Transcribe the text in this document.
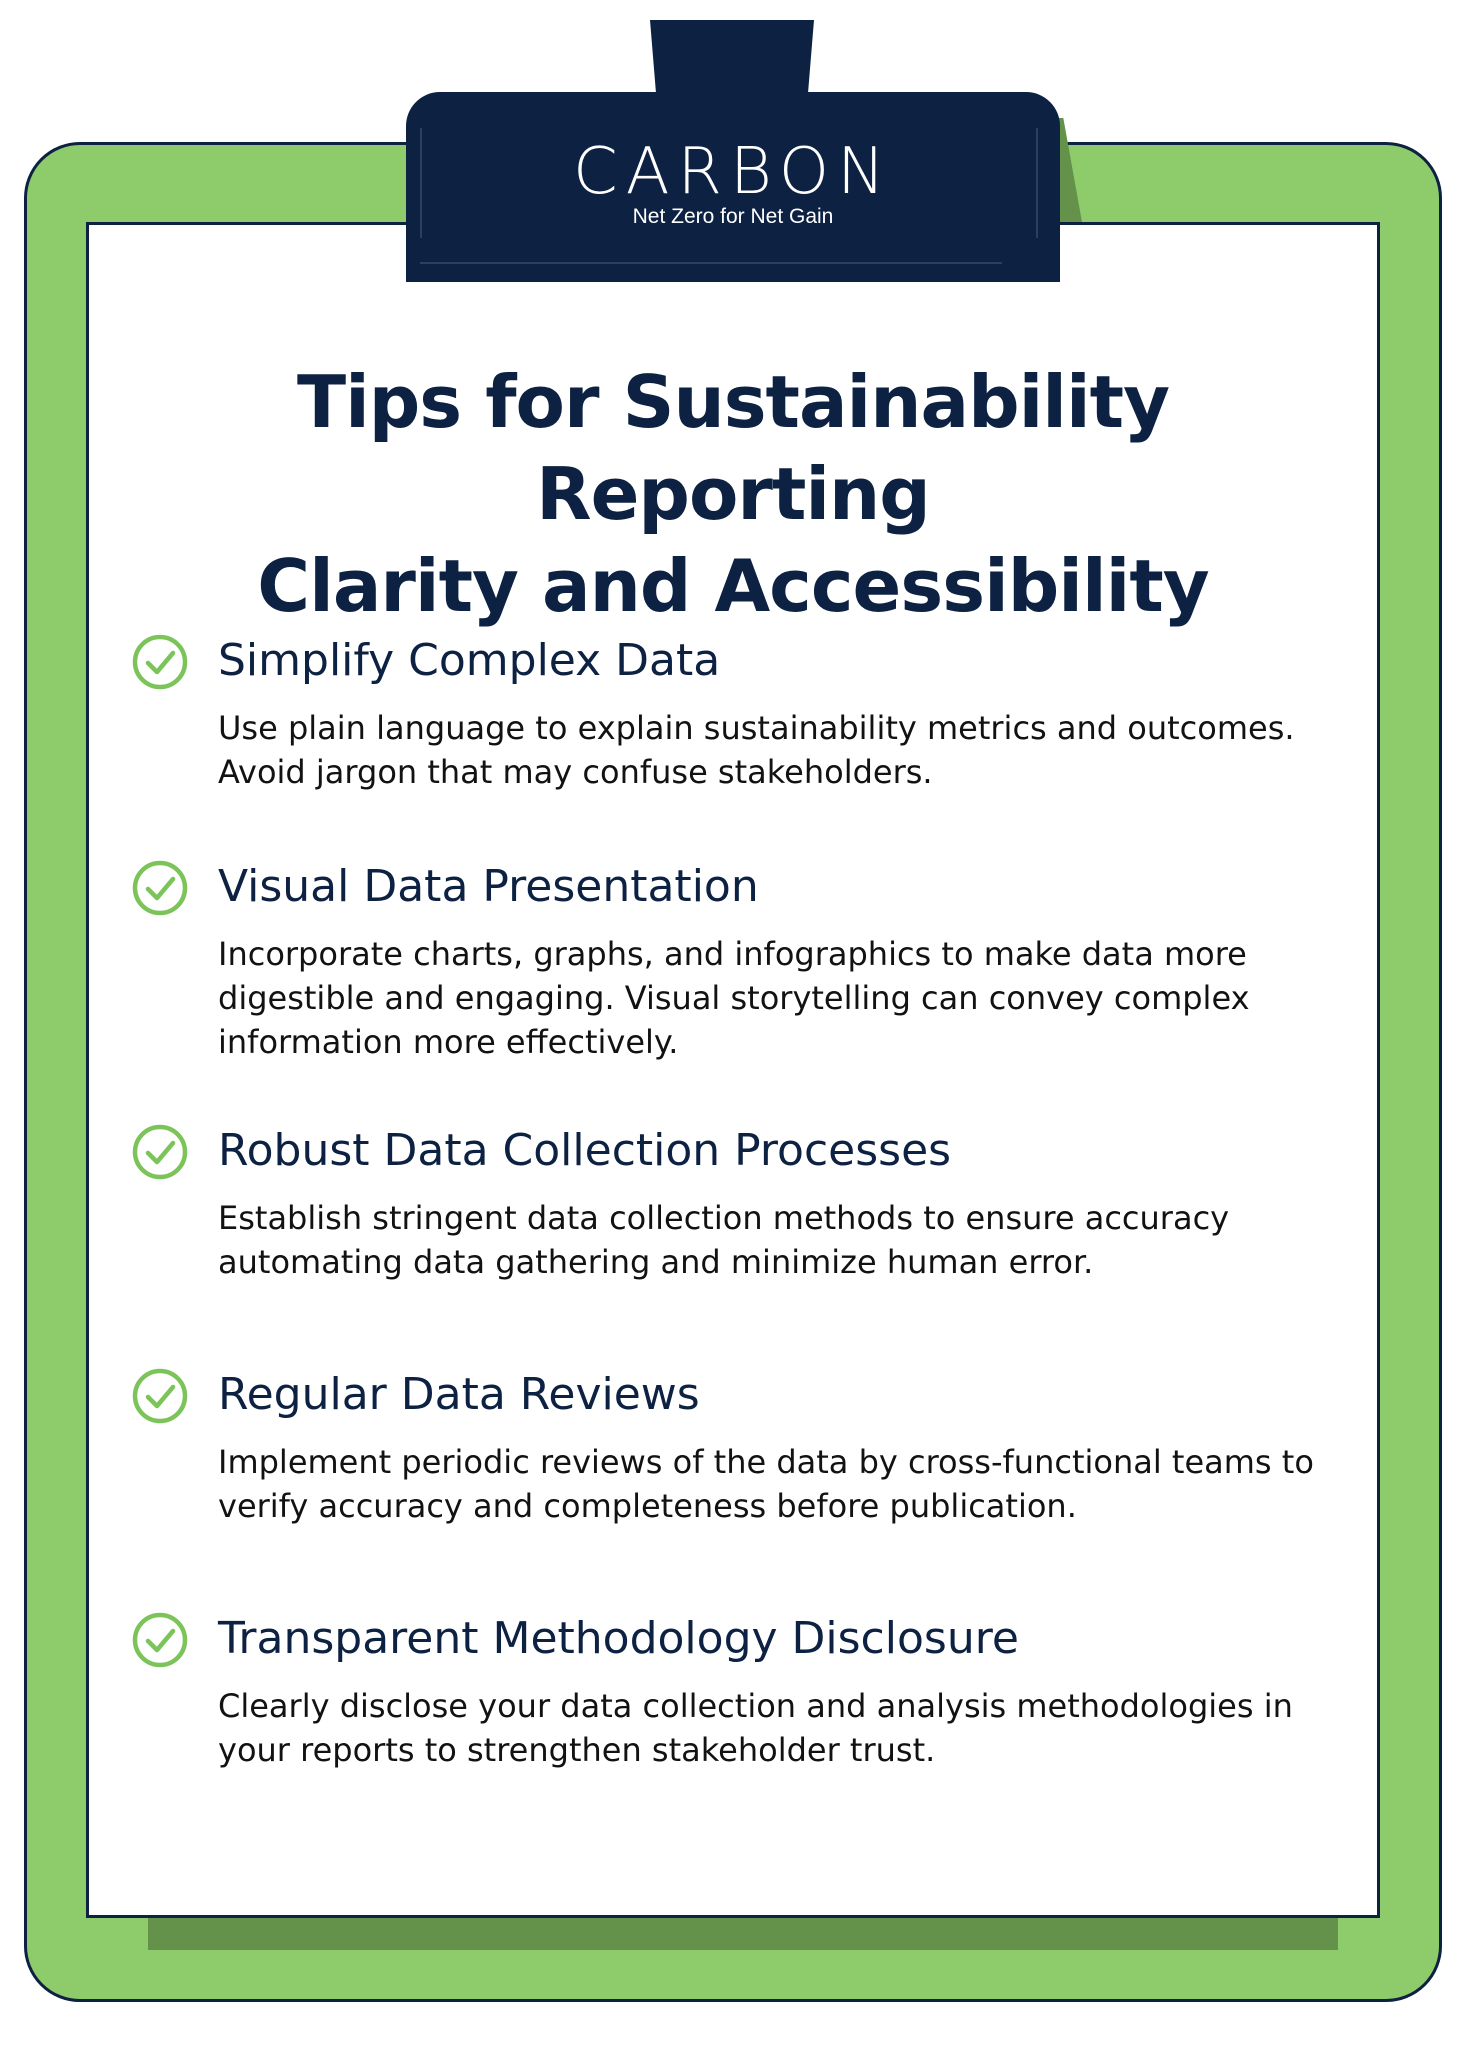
CARBON
Net Zero for Net Gain
Tips for Sustainability Reporting
Clarity and Accessibility
Simplify Complex Data
Use plain language to explain sustainability metrics and outcomes. Avoid jargon that may confuse stakeholders.
Visual Data Presentation
Incorporate charts, graphs, and infographics to make data more digestible and engaging. Visual storytelling can convey complex information more effectively.
Robust Data Collection Processes
Establish stringent data collection methods to ensure accuracy automating data gathering and minimize human error.
Regular Data Reviews
Implement periodic reviews of the data by cross-functional teams to verify accuracy and completeness before publication.
Transparent Methodology Disclosure
Clearly disclose your data collection and analysis methodologies in your reports to strengthen stakeholder trust.
